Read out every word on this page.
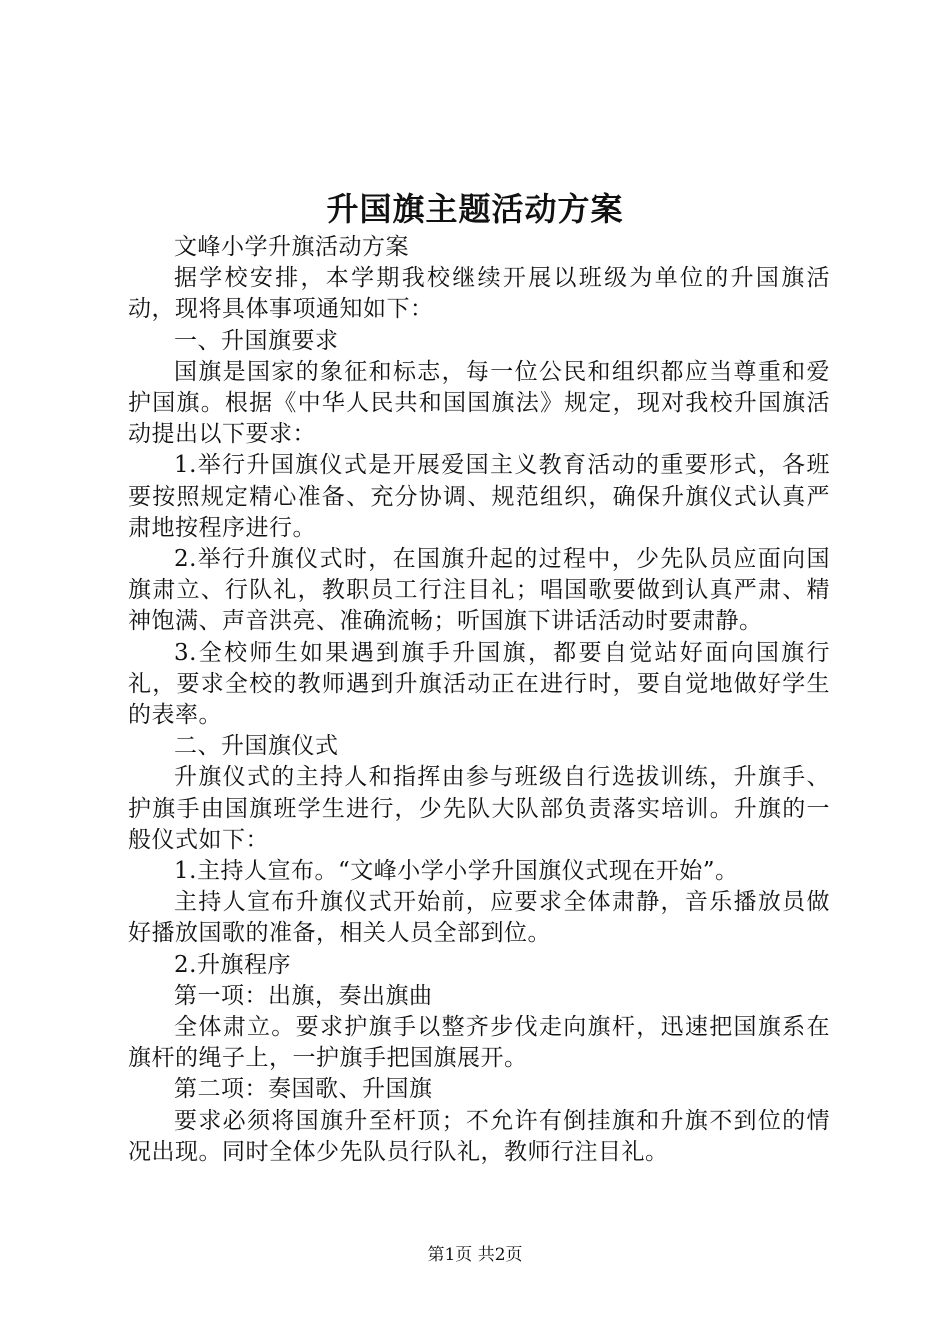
升国旗主题活动方案

文峰小学升旗活动方案

据学校安排，本学期我校继续开展以班级为单位的升国旗活动，现将具体事项通知如下：

一、升国旗要求

国旗是国家的象征和标志，每一位公民和组织都应当尊重和爱护国旗。根据《中华人民共和国国旗法》规定，现对我校升国旗活动提出以下要求：

1.举行升国旗仪式是开展爱国主义教育活动的重要形式，各班要按照规定精心准备、充分协调、规范组织，确保升旗仪式认真严肃地按程序进行。

2.举行升旗仪式时，在国旗升起的过程中，少先队员应面向国旗肃立、行队礼，教职员工行注目礼；唱国歌要做到认真严肃、精神饱满、声音洪亮、准确流畅；听国旗下讲话活动时要肃静。

3.全校师生如果遇到旗手升国旗，都要自觉站好面向国旗行礼，要求全校的教师遇到升旗活动正在进行时，要自觉地做好学生的表率。

二、升国旗仪式

升旗仪式的主持人和指挥由参与班级自行选拔训练，升旗手、护旗手由国旗班学生进行，少先队大队部负责落实培训。升旗的一般仪式如下：

1.主持人宣布。“文峰小学小学升国旗仪式现在开始”。

主持人宣布升旗仪式开始前，应要求全体肃静，音乐播放员做好播放国歌的准备，相关人员全部到位。

2.升旗程序

第一项：出旗，奏出旗曲

全体肃立。要求护旗手以整齐步伐走向旗杆，迅速把国旗系在旗杆的绳子上，一护旗手把国旗展开。

第二项：奏国歌、升国旗

要求必须将国旗升至杆顶；不允许有倒挂旗和升旗不到位的情况出现。同时全体少先队员行队礼，教师行注目礼。

第1页 共2页
